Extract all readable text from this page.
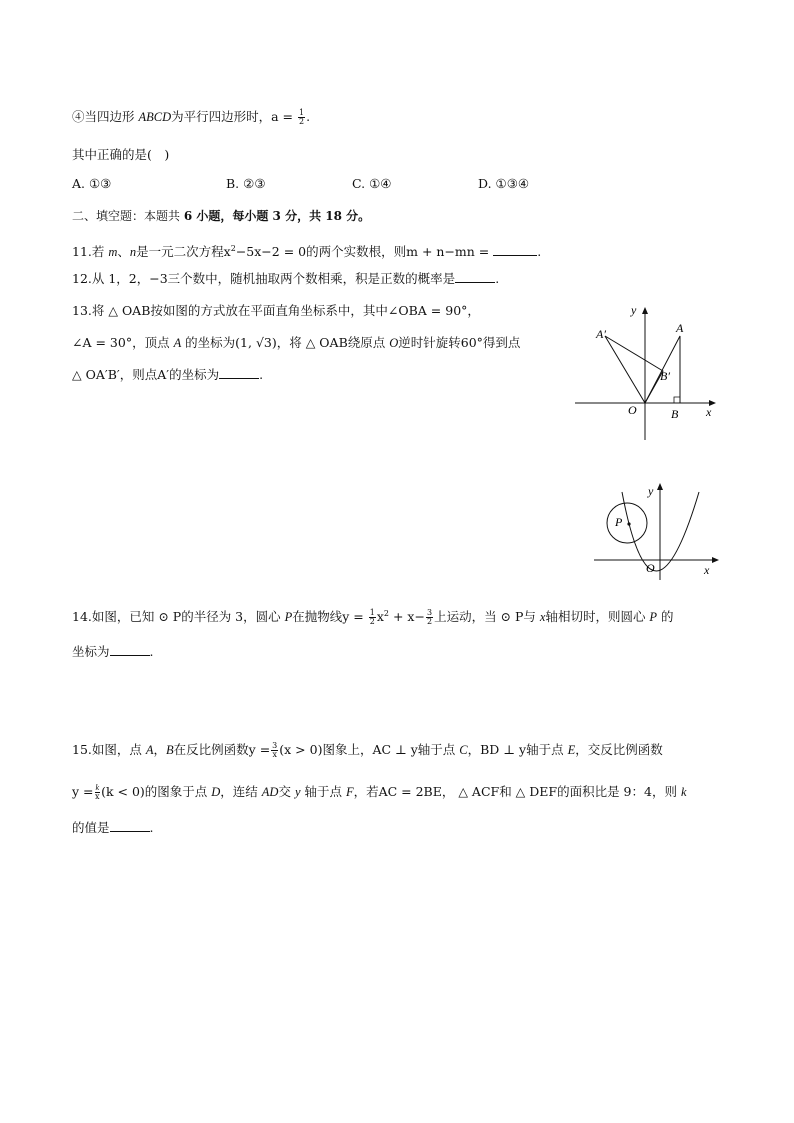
④当四边形 ABCD为平行四边形时，$a = \frac{1}{2}$ .
其中正确的是(　)
A. ①③	B. ②③	C. ①④	D. ①③④
二、填空题：本题共 6 小题，每小题 3 分，共 18 分。
11.若 m、n是一元二次方程$x^2-5x-2 = 0$的两个实数根，则m + n−mn =	.
12.从 1，2，−3三个数中，随机抽取两个数相乘，积是正数的概率是	.
13.将 △ OAB按如图的方式放在平面直角坐标系中，其中∠OBA = 90°，
∠A = 30°，顶点 A 的坐标为(1, √3)，将 △ OAB绕原点 O逆时针旋转60°得到点
△ OA′B′，则点A′的坐标为	.
y
x
O
A
A′
B
B′
y
x
O
P
14.如图，已知 ⊙ P的半径为 3，圆心 P在抛物线$y = \frac{1}{2} x^2 + x- \frac{3}{2}$ 上运动，当 ⊙ P与 x轴相切时，则圆心 P 的
坐标为	.
15.如图，点 A，B在反比例函数$y = \frac{3}{x} (x > 0)$图象上，AC ⊥ y轴于点 C，BD ⊥ y轴于点 E，交反比例函数
$y = \frac{k}{x} (k < 0)$的图象于点 D，连结 AD交 y 轴于点 F，若AC = 2BE， △ ACF和 △ DEF的面积比是 9：4，则 k
的值是	.
